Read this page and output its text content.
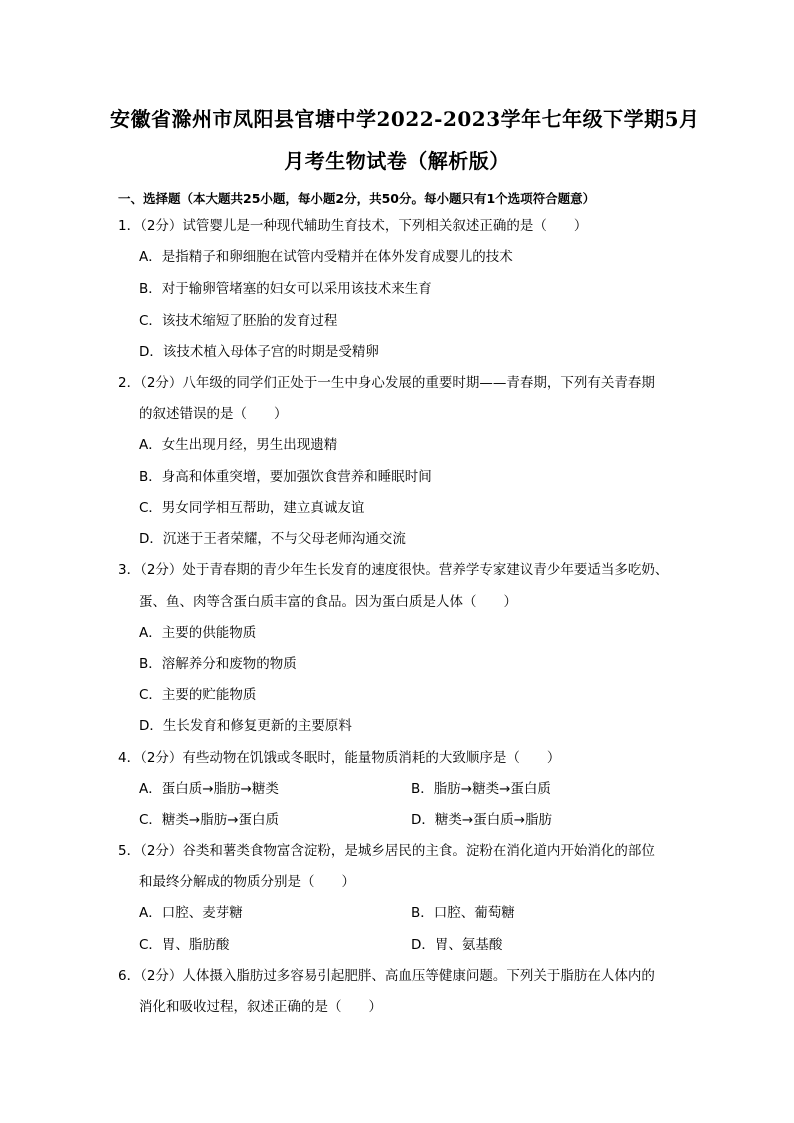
安徽省滁州市凤阳县官塘中学2022-2023学年七年级下学期5月
月考生物试卷（解析版）
一、选择题（本大题共25小题，每小题2分，共50分。每小题只有1个选项符合题意）
1．（2分）试管婴儿是一种现代辅助生育技术，下列相关叙述正确的是（　　）
A．是指精子和卵细胞在试管内受精并在体外发育成婴儿的技术
B．对于输卵管堵塞的妇女可以采用该技术来生育
C．该技术缩短了胚胎的发育过程
D．该技术植入母体子宫的时期是受精卵
2．（2分）八年级的同学们正处于一生中身心发展的重要时期——青春期，下列有关青春期
的叙述错误的是（　　）
A．女生出现月经，男生出现遗精
B．身高和体重突增，要加强饮食营养和睡眠时间
C．男女同学相互帮助，建立真诚友谊
D．沉迷于王者荣耀，不与父母老师沟通交流
3．（2分）处于青春期的青少年生长发育的速度很快。营养学专家建议青少年要适当多吃奶、
蛋、鱼、肉等含蛋白质丰富的食品。因为蛋白质是人体（　　）
A．主要的供能物质
B．溶解养分和废物的物质
C．主要的贮能物质
D．生长发育和修复更新的主要原料
4．（2分）有些动物在饥饿或冬眠时，能量物质消耗的大致顺序是（　　）
A．蛋白质→脂肪→糖类	B．脂肪→糖类→蛋白质
C．糖类→脂肪→蛋白质	D．糖类→蛋白质→脂肪
5．（2分）谷类和薯类食物富含淀粉，是城乡居民的主食。淀粉在消化道内开始消化的部位
和最终分解成的物质分别是（　　）
A．口腔、麦芽糖	B．口腔、葡萄糖
C．胃、脂肪酸	D．胃、氨基酸
6．（2分）人体摄入脂肪过多容易引起肥胖、高血压等健康问题。下列关于脂肪在人体内的
消化和吸收过程，叙述正确的是（　　）
